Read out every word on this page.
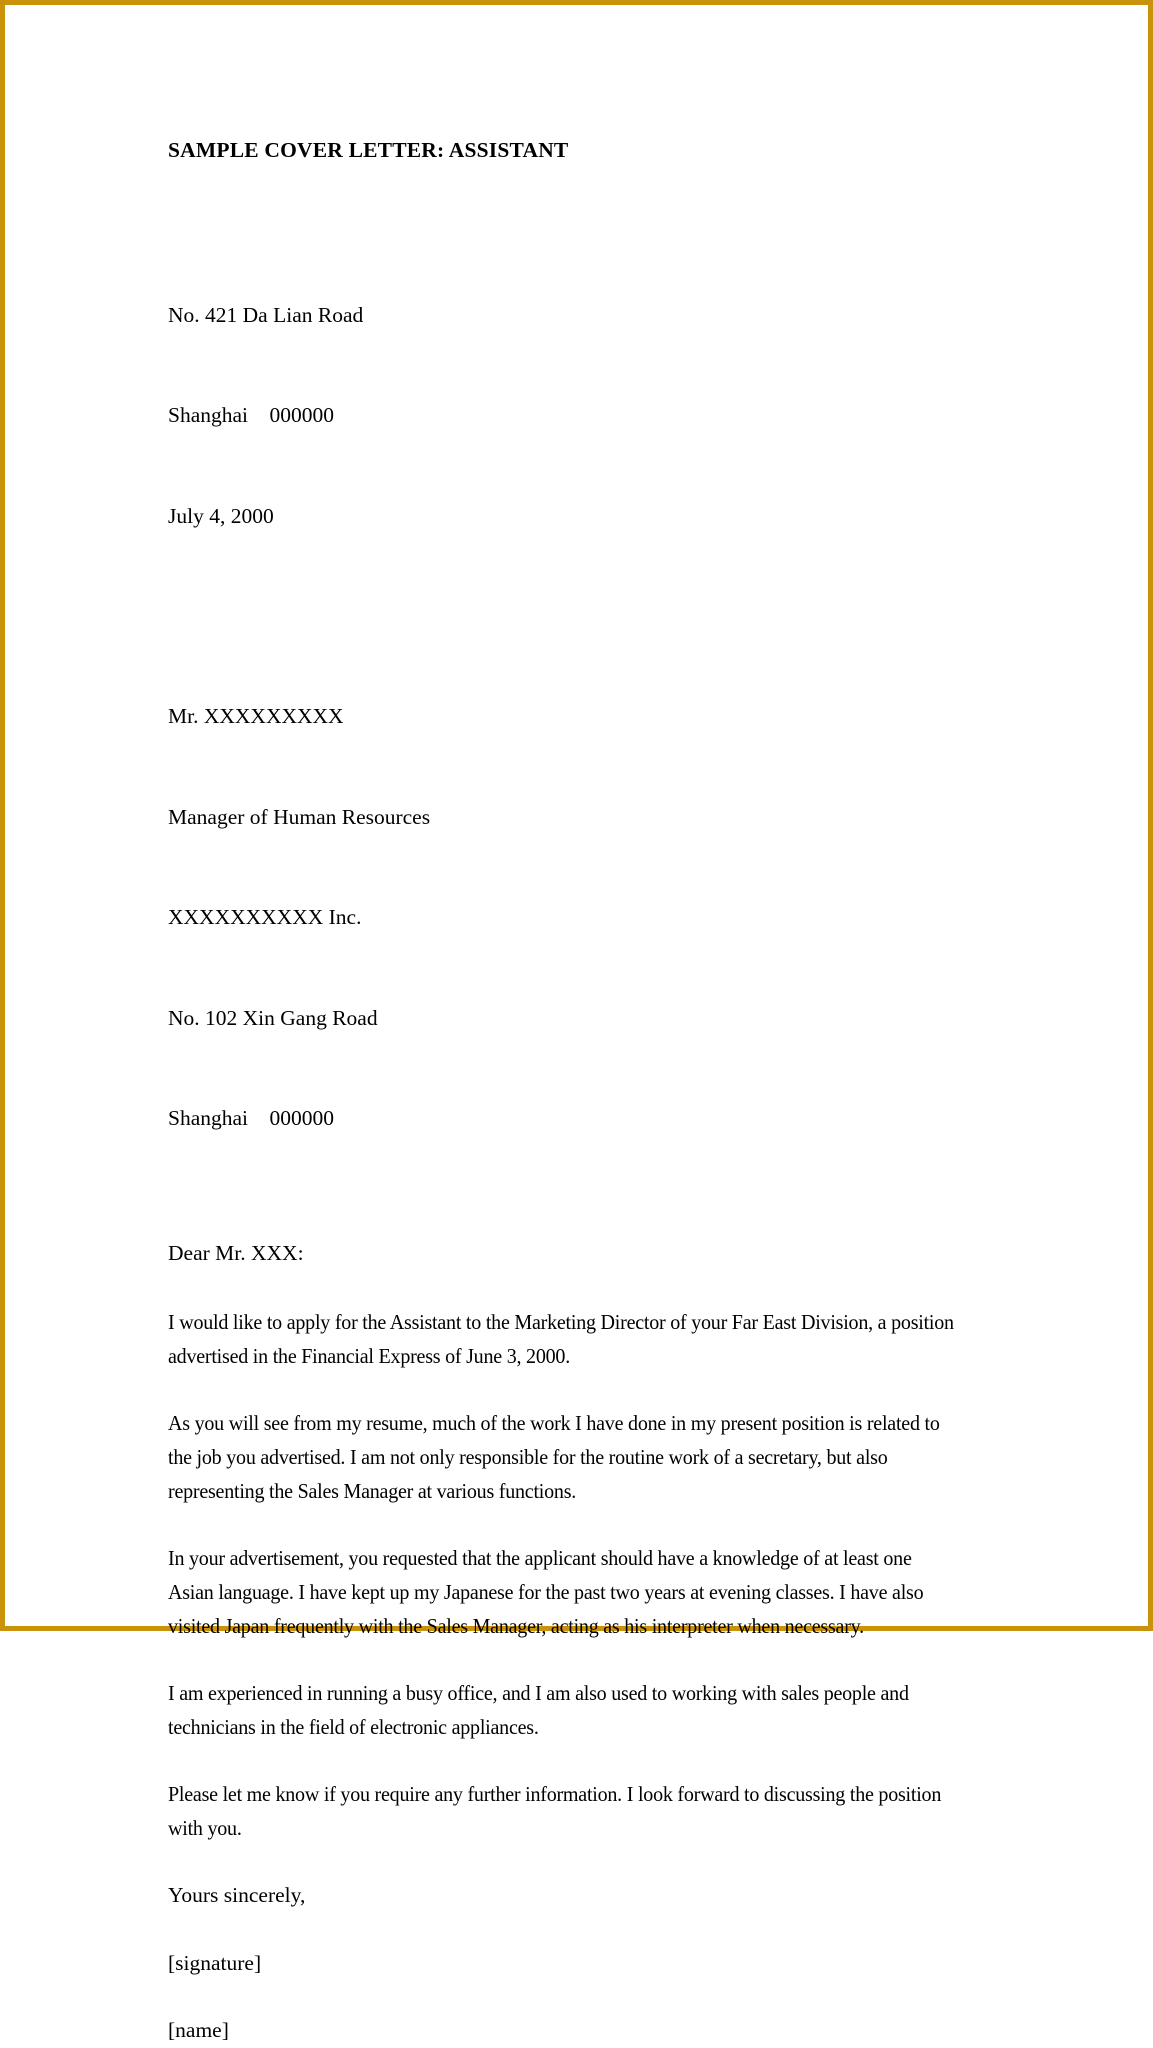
SAMPLE COVER LETTER: ASSISTANT

No. 421 Da Lian Road

Shanghai    000000

July 4, 2000

Mr. XXXXXXXXX

Manager of Human Resources

XXXXXXXXXX Inc.

No. 102 Xin Gang Road

Shanghai    000000

Dear Mr. XXX:

I would like to apply for the Assistant to the Marketing Director of your Far East Division, a position advertised in the Financial Express of June 3, 2000.

As you will see from my resume, much of the work I have done in my present position is related to the job you advertised. I am not only responsible for the routine work of a secretary, but also representing the Sales Manager at various functions.

In your advertisement, you requested that the applicant should have a knowledge of at least one Asian language. I have kept up my Japanese for the past two years at evening classes. I have also visited Japan frequently with the Sales Manager, acting as his interpreter when necessary.

I am experienced in running a busy office, and I am also used to working with sales people and technicians in the field of electronic appliances.

Please let me know if you require any further information. I look forward to discussing the position with you.

Yours sincerely,
[signature]
[name]
